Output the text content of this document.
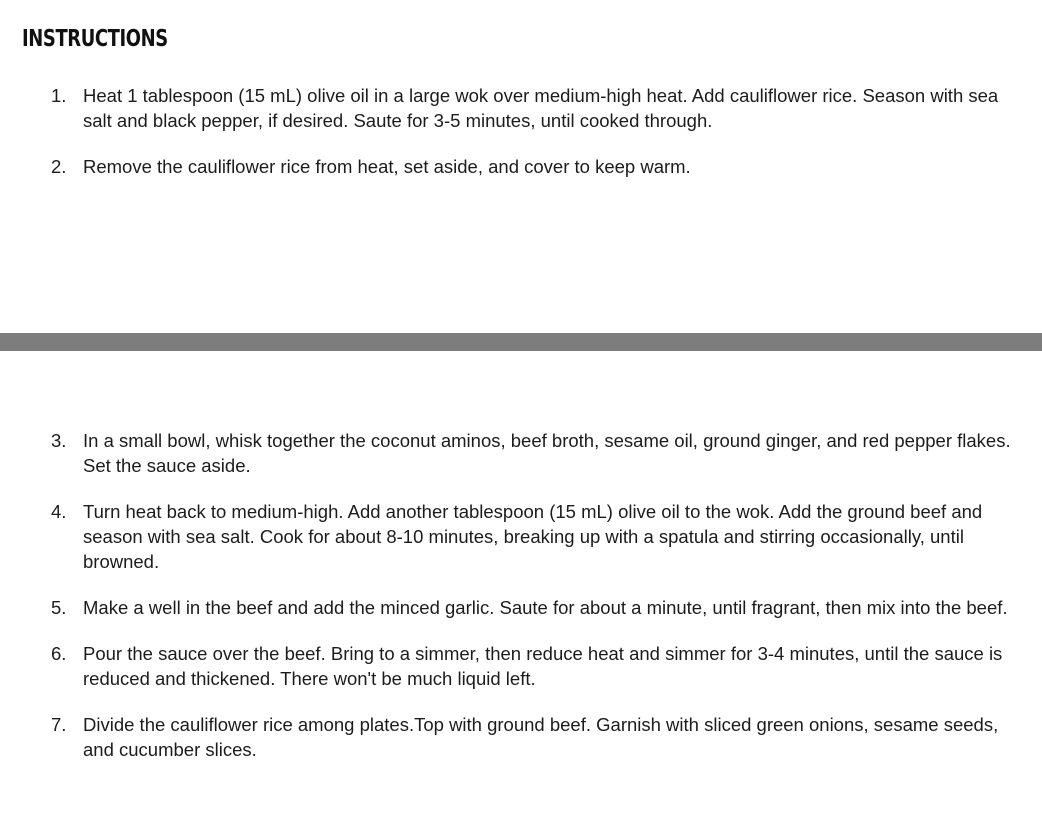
INSTRUCTIONS
1. Heat 1 tablespoon (15 mL) olive oil in a large wok over medium-high heat. Add cauliflower rice. Season with sea salt and black pepper, if desired. Saute for 3-5 minutes, until cooked through.
2. Remove the cauliflower rice from heat, set aside, and cover to keep warm.
3. In a small bowl, whisk together the coconut aminos, beef broth, sesame oil, ground ginger, and red pepper flakes. Set the sauce aside.
4. Turn heat back to medium-high. Add another tablespoon (15 mL) olive oil to the wok. Add the ground beef and season with sea salt. Cook for about 8-10 minutes, breaking up with a spatula and stirring occasionally, until browned.
5. Make a well in the beef and add the minced garlic. Saute for about a minute, until fragrant, then mix into the beef.
6. Pour the sauce over the beef. Bring to a simmer, then reduce heat and simmer for 3-4 minutes, until the sauce is reduced and thickened. There won't be much liquid left.
7. Divide the cauliflower rice among plates.Top with ground beef. Garnish with sliced green onions, sesame seeds, and cucumber slices.
